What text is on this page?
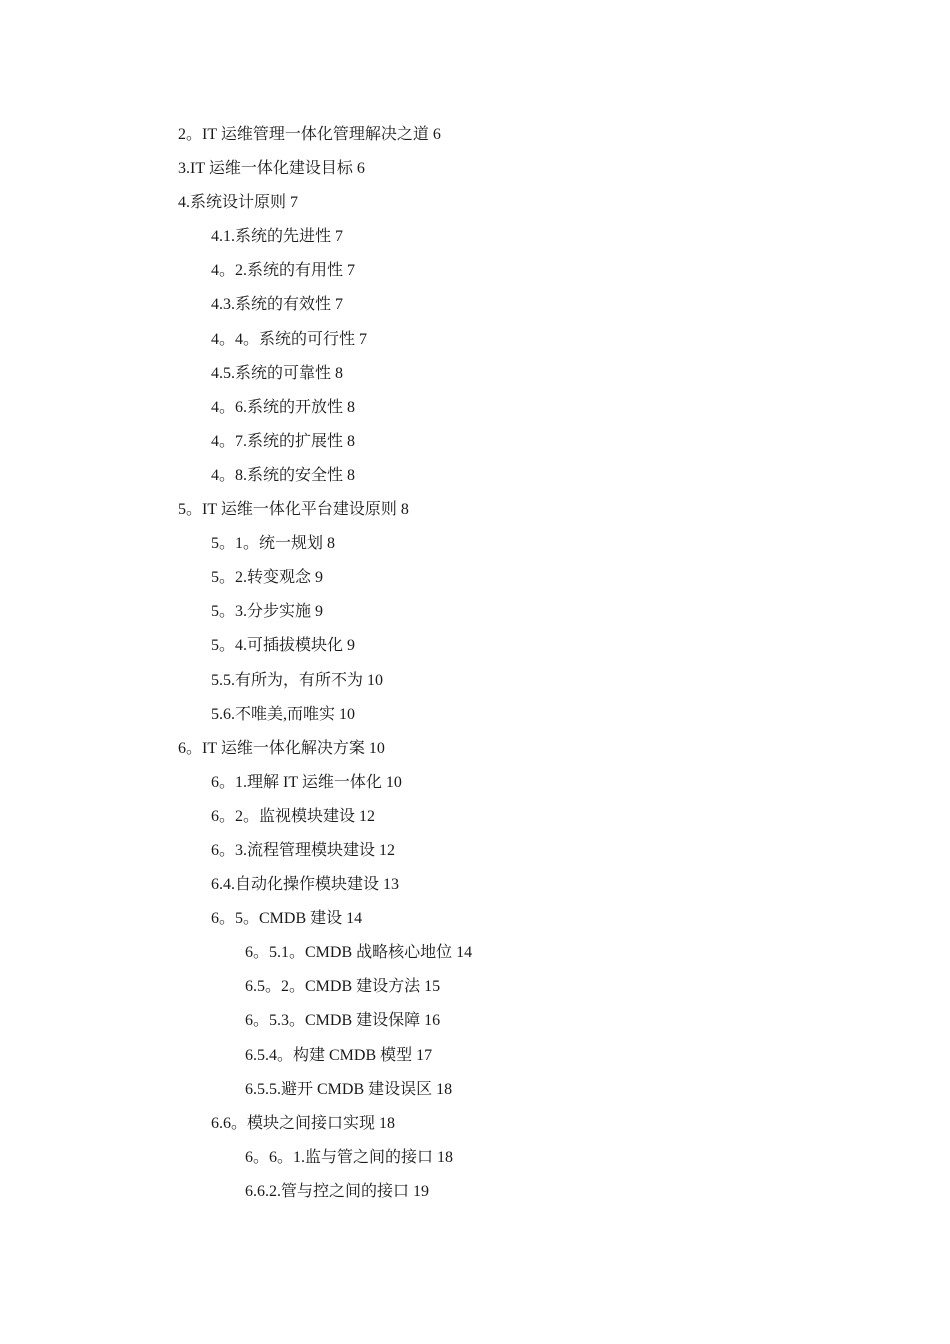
2。IT 运维管理一体化管理解决之道 6
3.IT 运维一体化建设目标 6
4.系统设计原则 7
4.1.系统的先进性 7
4。2.系统的有用性 7
4.3.系统的有效性 7
4。4。系统的可行性 7
4.5.系统的可靠性 8
4。6.系统的开放性 8
4。7.系统的扩展性 8
4。8.系统的安全性 8
5。IT 运维一体化平台建设原则 8
5。1。统一规划 8
5。2.转变观念 9
5。3.分步实施 9
5。4.可插拔模块化 9
5.5.有所为，有所不为 10
5.6.不唯美,而唯实 10
6。IT 运维一体化解决方案 10
6。1.理解 IT 运维一体化 10
6。2。监视模块建设 12
6。3.流程管理模块建设 12
6.4.自动化操作模块建设 13
6。5。CMDB 建设 14
6。5.1。CMDB 战略核心地位 14
6.5。2。CMDB 建设方法 15
6。5.3。CMDB 建设保障 16
6.5.4。构建 CMDB 模型 17
6.5.5.避开 CMDB 建设误区 18
6.6。模块之间接口实现 18
6。6。1.监与管之间的接口 18
6.6.2.管与控之间的接口 19
